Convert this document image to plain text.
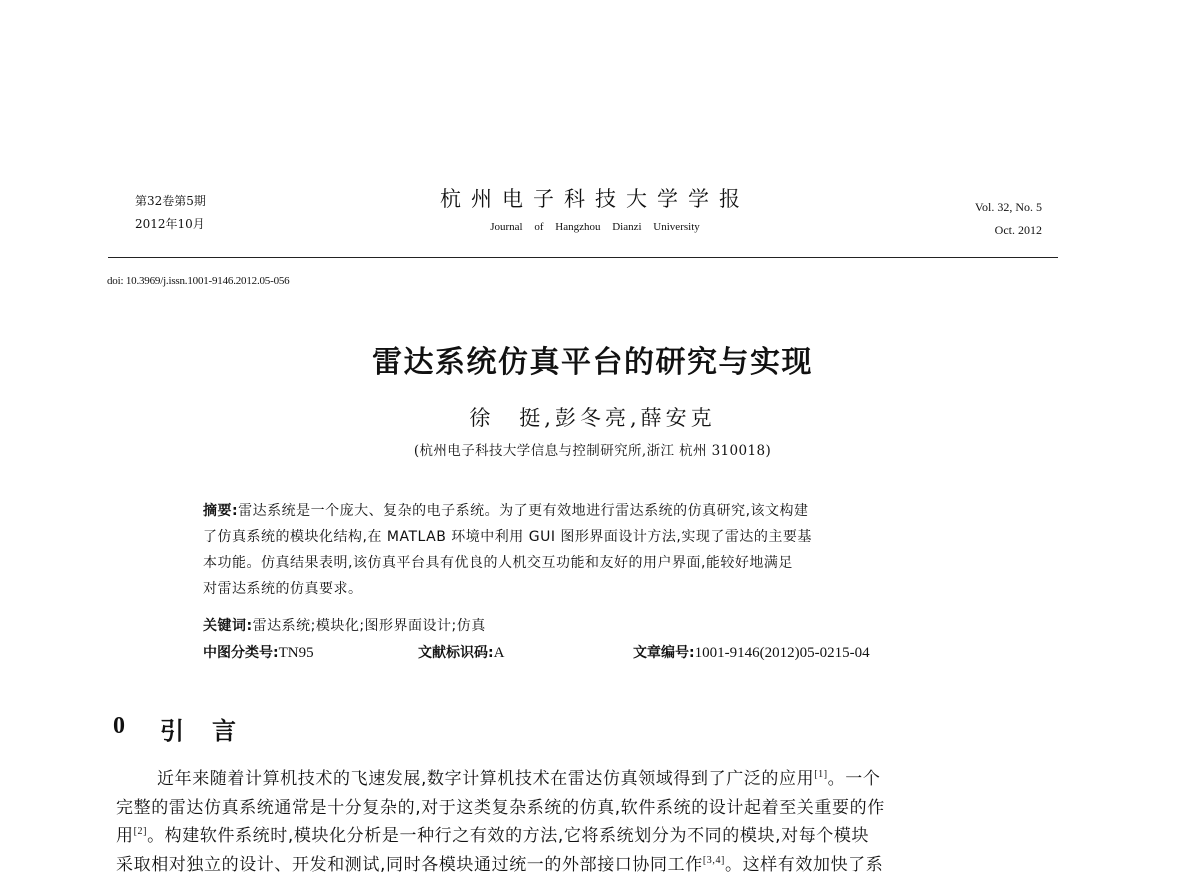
第32卷第5期
2012年10月
杭州电子科技大学学报
Journal of Hangzhou Dianzi University
Vol. 32, No. 5
Oct. 2012
doi: 10.3969/j.issn.1001-9146.2012.05-056
雷达系统仿真平台的研究与实现
徐　挺,彭冬亮,薛安克
(杭州电子科技大学信息与控制研究所,浙江 杭州 310018)
摘要:雷达系统是一个庞大、复杂的电子系统。为了更有效地进行雷达系统的仿真研究,该文构建
了仿真系统的模块化结构,在 MATLAB 环境中利用 GUI 图形界面设计方法,实现了雷达的主要基
本功能。仿真结果表明,该仿真平台具有优良的人机交互功能和友好的用户界面,能较好地满足
对雷达系统的仿真要求。
关键词:雷达系统;模块化;图形界面设计;仿真
中图分类号:TN95	文献标识码:A	文章编号:1001-9146(2012)05-0215-04
0 引言
近年来随着计算机技术的飞速发展,数字计算机技术在雷达仿真领域得到了广泛的应用[1]。一个
完整的雷达仿真系统通常是十分复杂的,对于这类复杂系统的仿真,软件系统的设计起着至关重要的作
用[2]。构建软件系统时,模块化分析是一种行之有效的方法,它将系统划分为不同的模块,对每个模块
采取相对独立的设计、开发和测试,同时各模块通过统一的外部接口协同工作[3,4]。这样有效加快了系
